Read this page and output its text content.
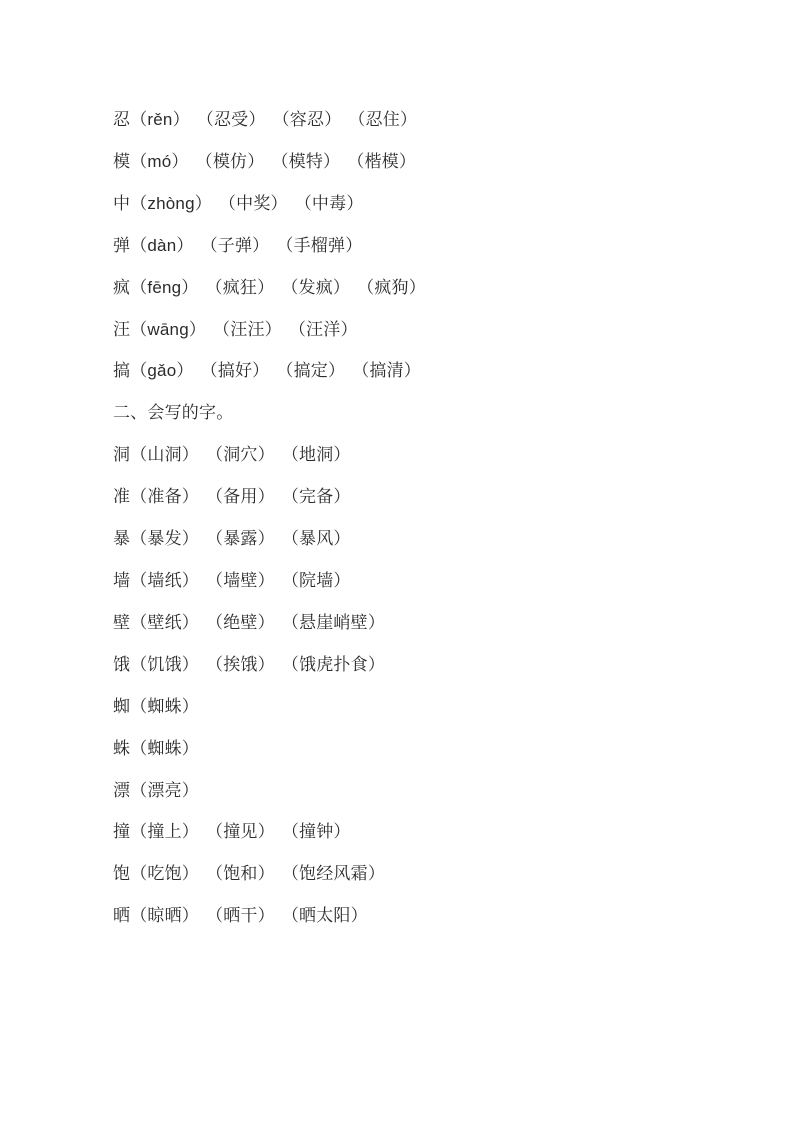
忍（rěn） （忍受） （容忍） （忍住）
模（mó） （模仿） （模特） （楷模）
中（zhòng） （中奖） （中毒）
弹（dàn） （子弹） （手榴弹）
疯（fēng） （疯狂） （发疯） （疯狗）
汪（wāng） （汪汪） （汪洋）
搞（gǎo） （搞好） （搞定） （搞清）
二、会写的字。
洞（山洞） （洞穴） （地洞）
准（准备） （备用） （完备）
暴（暴发） （暴露） （暴风）
墙（墙纸） （墙壁） （院墙）
壁（壁纸） （绝壁） （悬崖峭壁）
饿（饥饿） （挨饿） （饿虎扑食）
蜘（蜘蛛）
蛛（蜘蛛）
漂（漂亮）
撞（撞上） （撞见） （撞钟）
饱（吃饱） （饱和） （饱经风霜）
晒（晾晒） （晒干） （晒太阳）
